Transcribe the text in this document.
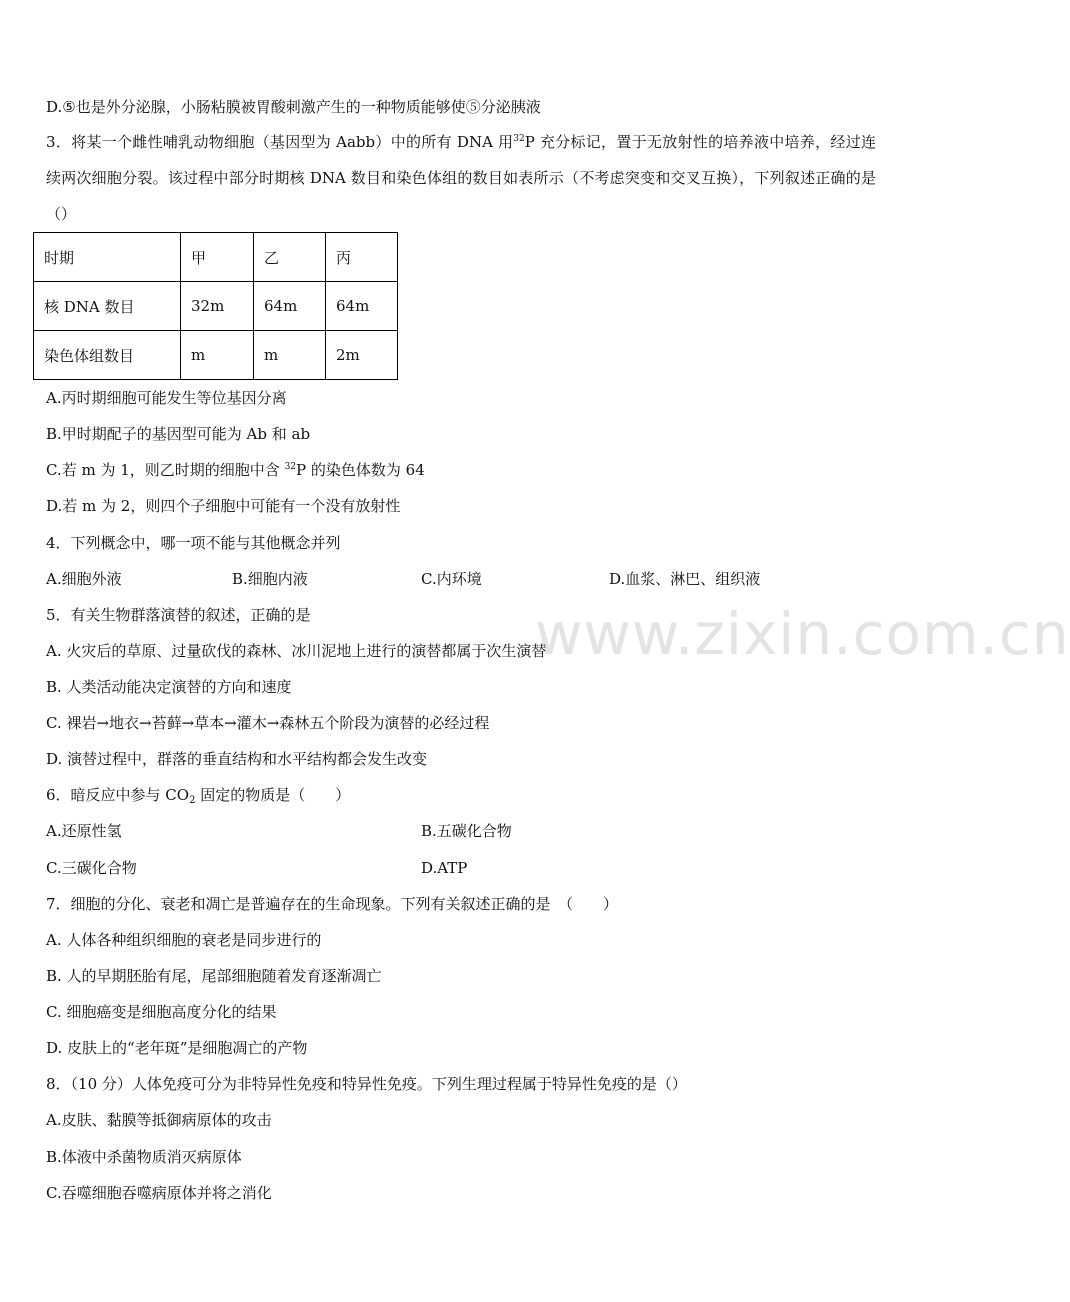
D.⑤也是外分泌腺，小肠粘膜被胃酸刺激产生的一种物质能够使⑤分泌胰液
3．将某一个雌性哺乳动物细胞（基因型为 Aabb）中的所有 DNA 用$^{32}$P 充分标记，置于无放射性的培养液中培养，经过连续两次细胞分裂。该过程中部分时期核 DNA 数目和染色体组的数目如表所示（不考虑突变和交叉互换），下列叙述正确的是（）
时期	甲	乙	丙
核 DNA 数目	32m	64m	64m
染色体组数目	m	m	2m
A.丙时期细胞可能发生等位基因分离
B.甲时期配子的基因型可能为 Ab 和 ab
C.若 m 为 1，则乙时期的细胞中含 $^{32}$P 的染色体数为 64
D.若 m 为 2，则四个子细胞中可能有一个没有放射性
4．下列概念中，哪一项不能与其他概念并列
A.细胞外液	B.细胞内液	C.内环境	D.血浆、淋巴、组织液
www.zixin.com.cn
5．有关生物群落演替的叙述，正确的是
A. 火灾后的草原、过量砍伐的森林、冰川泥地上进行的演替都属于次生演替
B. 人类活动能决定演替的方向和速度
C. 裸岩→地衣→苔藓→草本→灌木→森林五个阶段为演替的必经过程
D. 演替过程中，群落的垂直结构和水平结构都会发生改变
6．暗反应中参与 $CO_2$ 固定的物质是（　　）
A.还原性氢	B.五碳化合物
C.三碳化合物	D.ATP
7．细胞的分化、衰老和凋亡是普遍存在的生命现象。下列有关叙述正确的是　（　　）
A. 人体各种组织细胞的衰老是同步进行的
B. 人的早期胚胎有尾，尾部细胞随着发育逐渐凋亡
C. 细胞癌变是细胞高度分化的结果
D. 皮肤上的“老年斑”是细胞凋亡的产物
8．（10 分）人体免疫可分为非特异性免疫和特异性免疫。下列生理过程属于特异性免疫的是（）
A.皮肤、黏膜等抵御病原体的攻击
B.体液中杀菌物质消灭病原体
C.吞噬细胞吞噬病原体并将之消化
